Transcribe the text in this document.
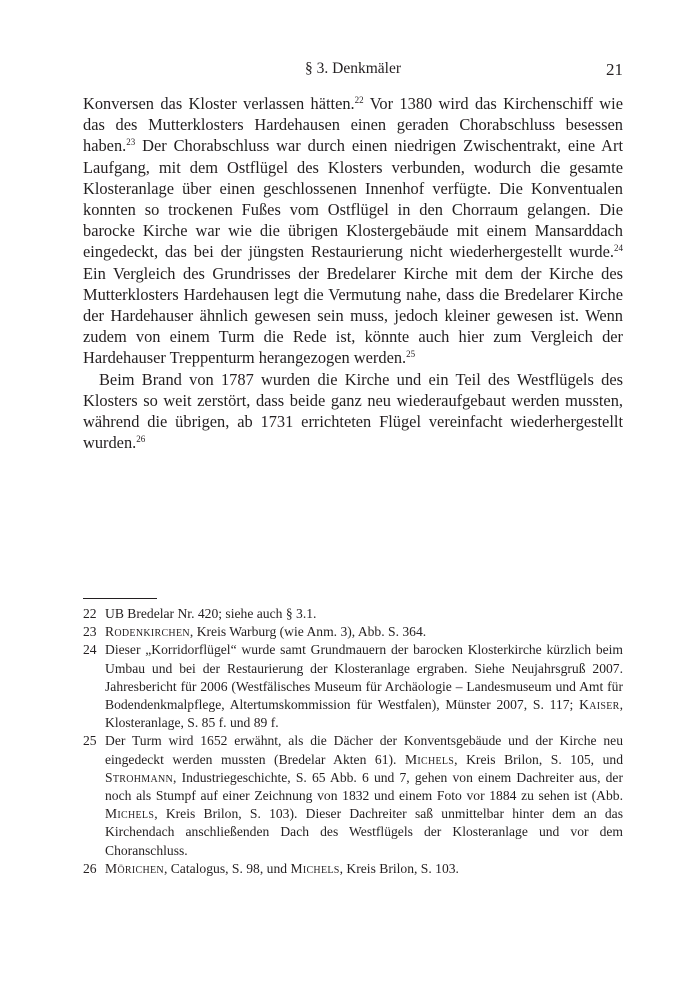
§ 3. Denkmäler	21

Konversen das Kloster verlassen hätten.$^{22}$ Vor 1380 wird das Kirchenschiff wie das des Mutterklosters Hardehausen einen geraden Chorabschluss besessen haben.$^{23}$ Der Chorabschluss war durch einen niedrigen Zwischentrakt, eine Art Laufgang, mit dem Ostflügel des Klosters verbunden, wodurch die gesamte Klosteranlage über einen geschlossenen Innenhof verfügte. Die Konventualen konnten so trockenen Fußes vom Ostflügel in den Chorraum gelangen. Die barocke Kirche war wie die übrigen Klostergebäude mit einem Mansarddach eingedeckt, das bei der jüngsten Restaurierung nicht wiederhergestellt wurde.$^{24}$ Ein Vergleich des Grundrisses der Bredelarer Kirche mit dem der Kirche des Mutterklosters Hardehausen legt die Vermutung nahe, dass die Bredelarer Kirche der Hardehauser ähnlich gewesen sein muss, jedoch kleiner gewesen ist. Wenn zudem von einem Turm die Rede ist, könnte auch hier zum Vergleich der Hardehauser Treppenturm herangezogen werden.$^{25}$

Beim Brand von 1787 wurden die Kirche und ein Teil des Westflügels des Klosters so weit zerstört, dass beide ganz neu wiederaufgebaut werden mussten, während die übrigen, ab 1731 errichteten Flügel vereinfacht wiederhergestellt wurden.$^{26}$

22 UB Bredelar Nr. 420; siehe auch § 3.1.
23 Rodenkirchen, Kreis Warburg (wie Anm. 3), Abb. S. 364.
24 Dieser „Korridorflügel“ wurde samt Grundmauern der barocken Klosterkirche kürzlich beim Umbau und bei der Restaurierung der Klosteranlage ergraben. Siehe Neujahrsgruß 2007. Jahresbericht für 2006 (Westfälisches Museum für Archäologie – Landesmuseum und Amt für Bodendenkmalpflege, Altertumskommission für Westfalen), Münster 2007, S. 117; Kaiser, Klosteranlage, S. 85 f. und 89 f.
25 Der Turm wird 1652 erwähnt, als die Dächer der Konventsgebäude und der Kirche neu eingedeckt werden mussten (Bredelar Akten 61). Michels, Kreis Brilon, S. 105, und Strohmann, Industriegeschichte, S. 65 Abb. 6 und 7, gehen von einem Dachreiter aus, der noch als Stumpf auf einer Zeichnung von 1832 und einem Foto vor 1884 zu sehen ist (Abb. Michels, Kreis Brilon, S. 103). Dieser Dachreiter saß unmittelbar hinter dem an das Kirchendach anschließenden Dach des Westflügels der Klosteranlage und vor dem Choranschluss.
26 Mörichen, Catalogus, S. 98, und Michels, Kreis Brilon, S. 103.
